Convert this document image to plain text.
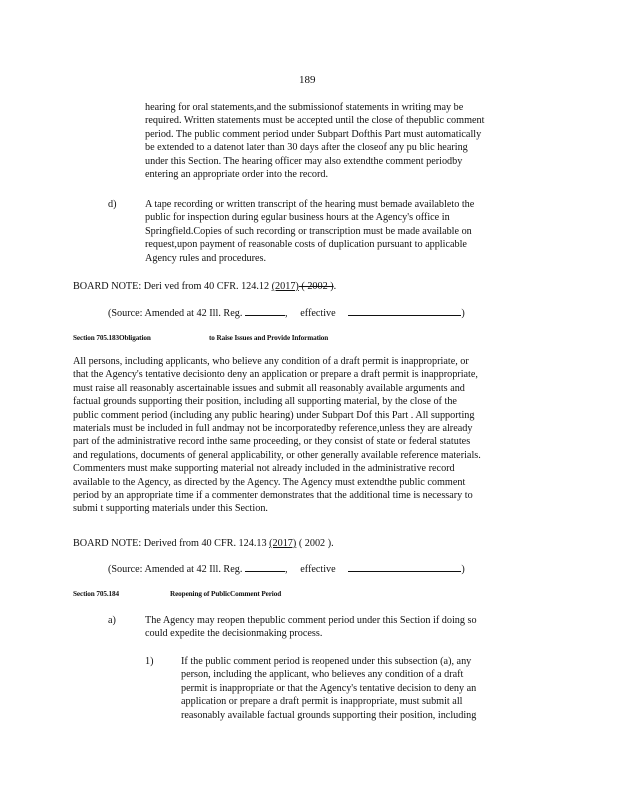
189
hearing for oral statements,and the submissionof statements in writing may be
required. Written statements must be accepted until the close of thepublic comment
period. The public comment period under Subpart Dofthis Part must automatically
be extended to a datenot later than 30 days after the closeof any pu blic hearing
under this Section. The hearing officer may also extendthe comment periodby
entering an appropriate order into the record.
d)	A tape recording or written transcript of the hearing must bemade availableto the
public for inspection during egular business hours at the Agency's office in
Springfield.Copies of such recording or transcription must be made available on
request,upon payment of reasonable costs of duplication pursuant to applicable
Agency rules and procedures.
BOARD NOTE: Deri ved from 40 CFR. 124.12 (2017) ( 2002 ).
(Source: Amended at 42 Ill. Reg.	, effective	)
Section 705.183Obligation	to Raise Issues and Provide Information
All persons, including applicants, who believe any condition of a draft permit is inappropriate, or
that the Agency's tentative decisionto deny an application or prepare a draft permit is inappropriate,
must raise all reasonably ascertainable issues and submit all reasonably available arguments and
factual grounds supporting their position, including all supporting material, by the close of the
public comment period (including any public hearing) under Subpart Dof this Part . All supporting
materials must be included in full andmay not be incorporatedby reference,unless they are already
part of the administrative record inthe same proceeding, or they consist of state or federal statutes
and regulations, documents of general applicability, or other generally available reference materials.
Commenters must make supporting material not already included in the administrative record
available to the Agency, as directed by the Agency. The Agency must extendthe public comment
period by an appropriate time if a commenter demonstrates that the additional time is necessary to
submi t supporting materials under this Section.
BOARD NOTE: Derived from 40 CFR. 124.13 (2017) ( 2002 ).
(Source: Amended at 42 Ill. Reg.	, effective	)
Section 705.184	Reopening of PublicComment Period
a)	The Agency may reopen thepublic comment period under this Section if doing so
could expedite the decisionmaking process.
1)	If the public comment period is reopened under this subsection (a), any
person, including the applicant, who believes any condition of a draft
permit is inappropriate or that the Agency's tentative decision to deny an
application or prepare a draft permit is inappropriate, must submit all
reasonably available factual grounds supporting their position, including
